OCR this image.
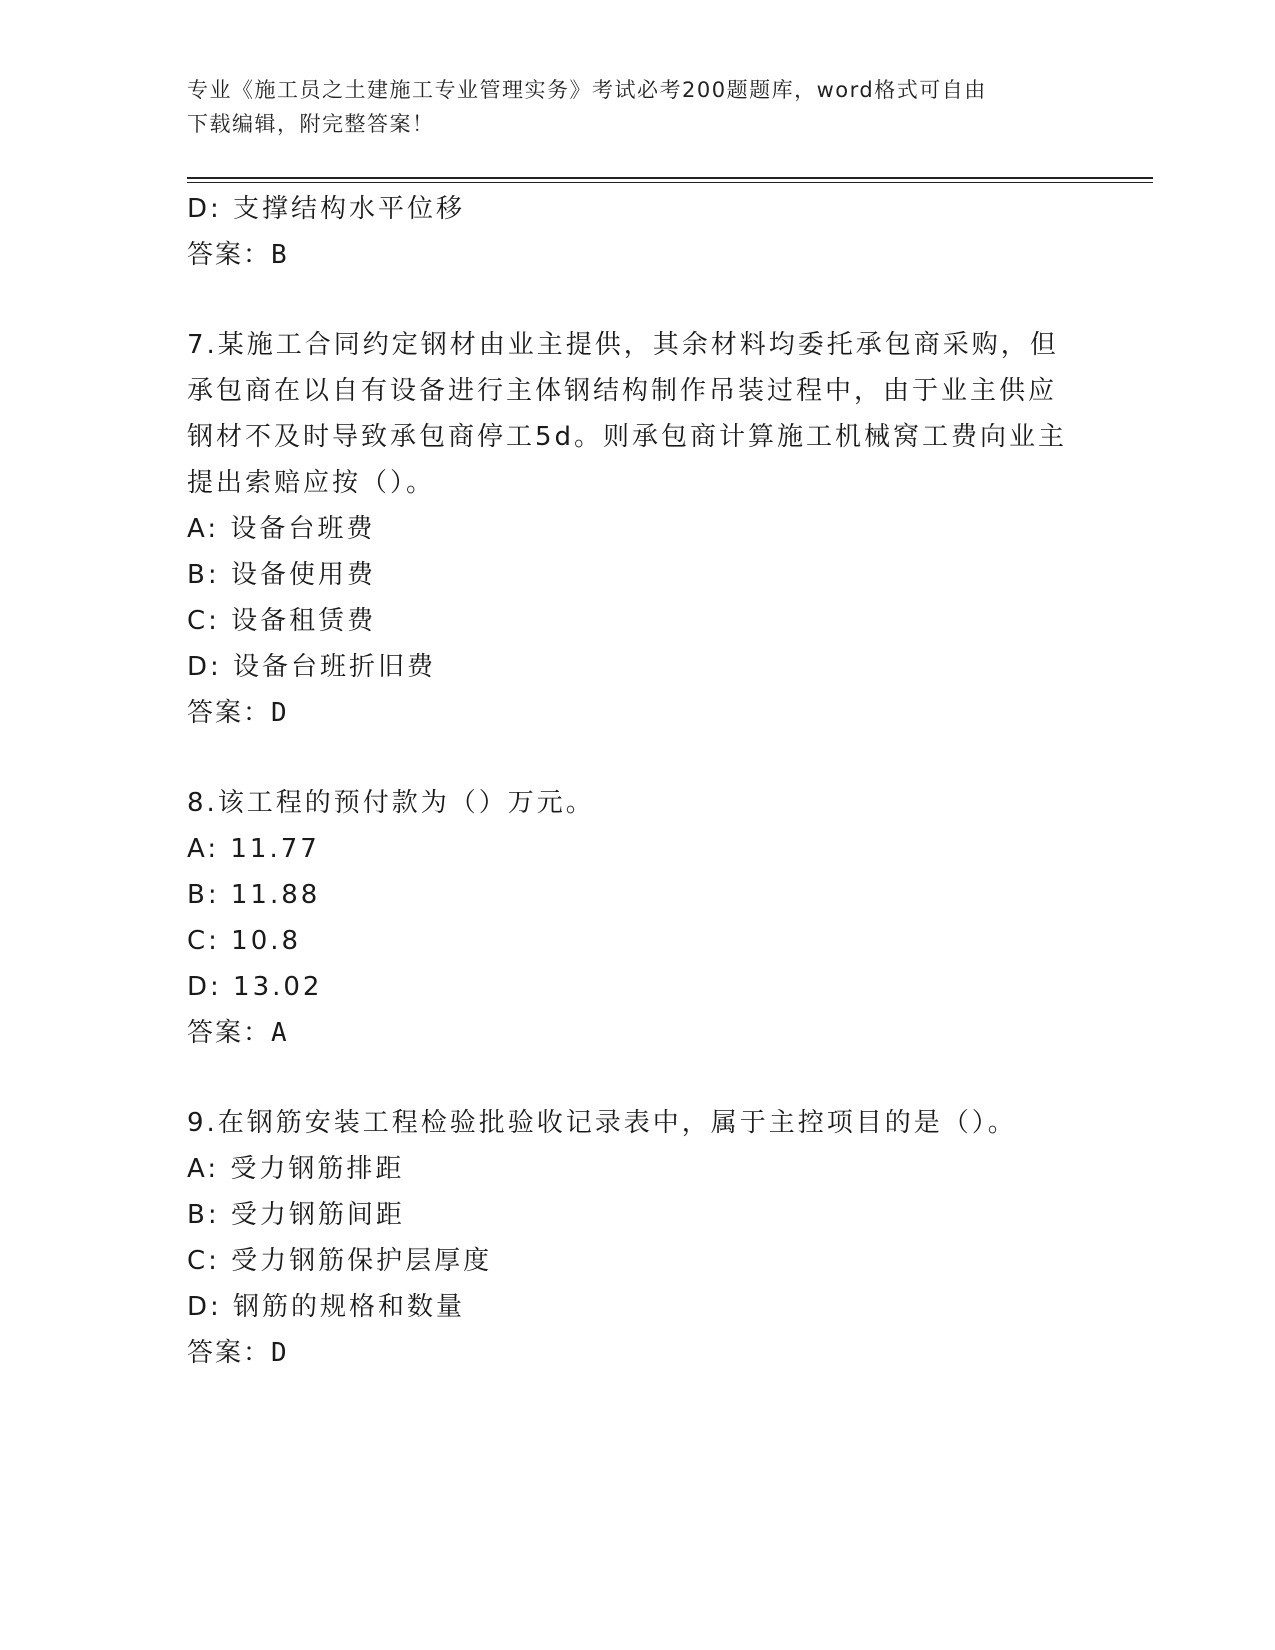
专业《施工员之土建施工专业管理实务》考试必考200题题库，word格式可自由
下载编辑，附完整答案！
D: 支撑结构水平位移
答案：B
7.某施工合同约定钢材由业主提供，其余材料均委托承包商采购，但
承包商在以自有设备进行主体钢结构制作吊装过程中，由于业主供应
钢材不及时导致承包商停工5d。则承包商计算施工机械窝工费向业主
提出索赔应按（）。
A: 设备台班费
B: 设备使用费
C: 设备租赁费
D: 设备台班折旧费
答案：D
8.该工程的预付款为（）万元。
A: 11.77
B: 11.88
C: 10.8
D: 13.02
答案：A
9.在钢筋安装工程检验批验收记录表中，属于主控项目的是（）。
A: 受力钢筋排距
B: 受力钢筋间距
C: 受力钢筋保护层厚度
D: 钢筋的规格和数量
答案：D
